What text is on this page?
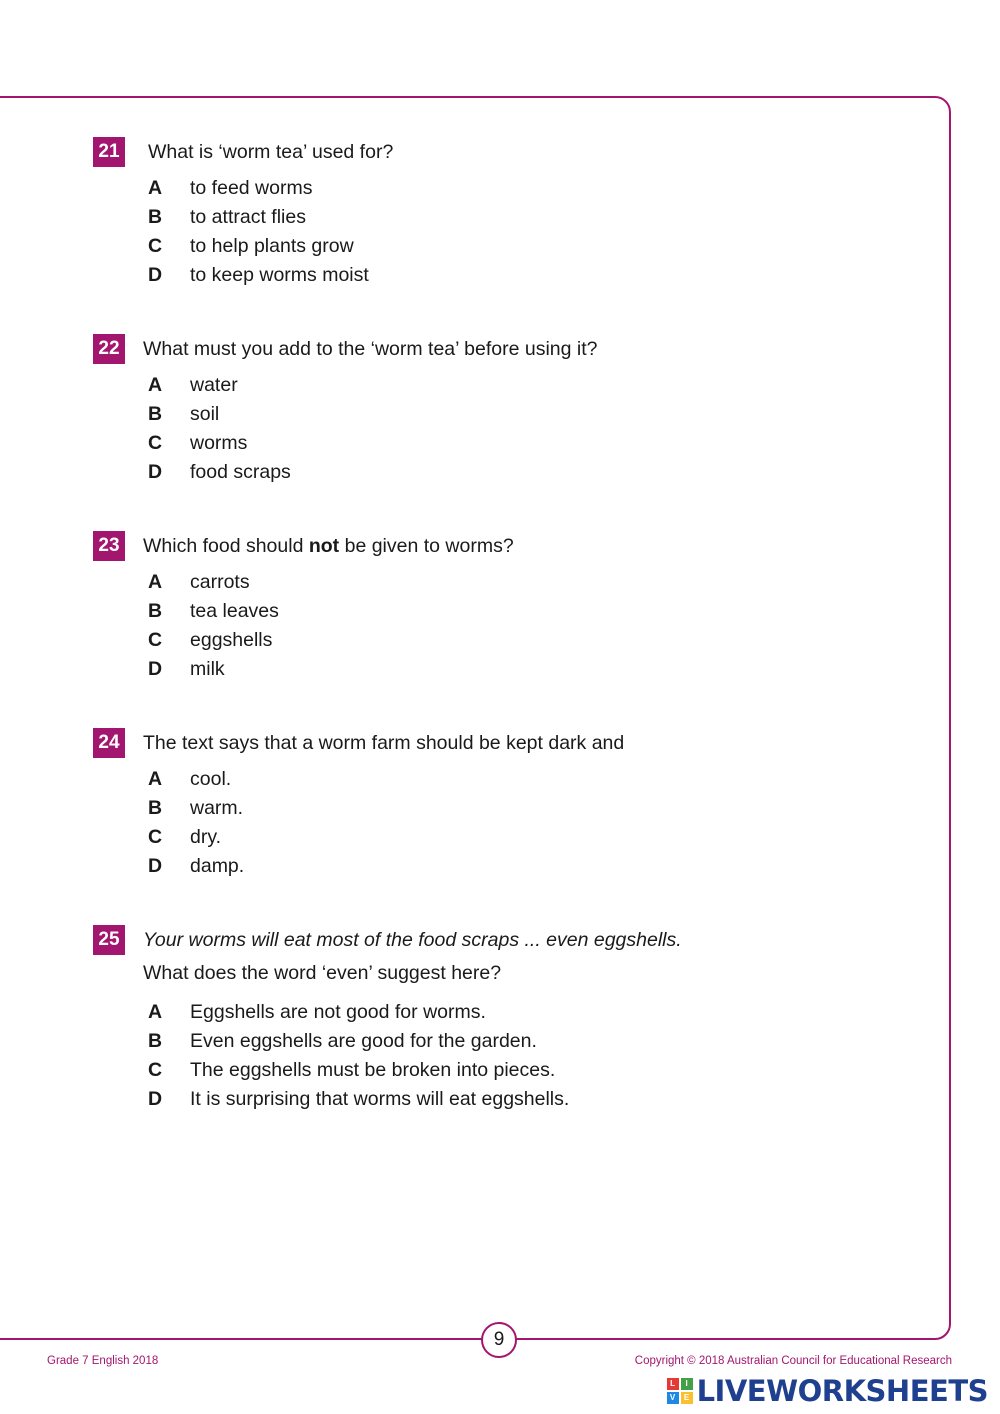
21 What is ‘worm tea’ used for?
A to feed worms
B to attract flies
C to help plants grow
D to keep worms moist
22 What must you add to the ‘worm tea’ before using it?
A water
B soil
C worms
D food scraps
23 Which food should not be given to worms?
A carrots
B tea leaves
C eggshells
D milk
24 The text says that a worm farm should be kept dark and
A cool.
B warm.
C dry.
D damp.
25 Your worms will eat most of the food scraps ... even eggshells.
What does the word ‘even’ suggest here?
A Eggshells are not good for worms.
B Even eggshells are good for the garden.
C The eggshells must be broken into pieces.
D It is surprising that worms will eat eggshells.
9
Grade 7 English 2018	Copyright © 2018 Australian Council for Educational Research
L	I
V	E LIVEWORKSHEETS
